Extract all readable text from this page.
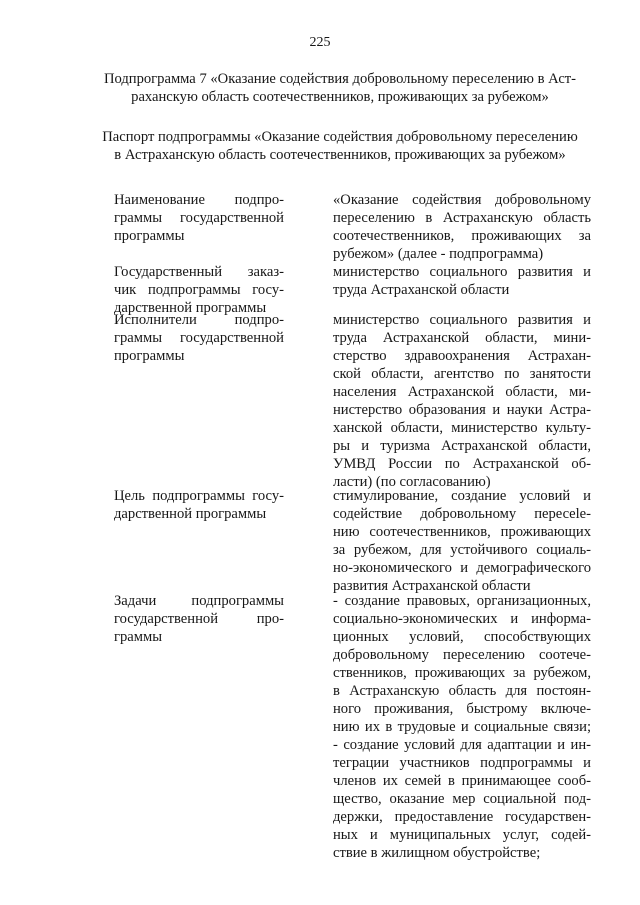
225
Подпрограмма 7 «Оказание содействия добровольному переселению в Аст-
раханскую область соотечественников, проживающих за рубежом»
Паспорт подпрограммы «Оказание содействия добровольному переселению
в Астраханскую область соотечественников, проживающих за рубежом»
Наименование подпро-
граммы государственной
программы
«Оказание содействия добровольному
переселению в Астраханскую область
соотечественников, проживающих за
рубежом» (далее - подпрограмма)
Государственный заказ-
чик подпрограммы госу-
дарственной программы
министерство социального развития и
труда Астраханской области
Исполнители подпро-
граммы государственной
программы
министерство социального развития и
труда Астраханской области, мини-
стерство здравоохранения Астрахан-
ской области, агентство по занятости
населения Астраханской области, ми-
нистерство образования и науки Астра-
ханской области, министерство культу-
ры и туризма Астраханской области,
УМВД России по Астраханской об-
ласти) (по согласованию)
Цель подпрограммы госу-
дарственной программы
стимулирование, создание условий и
содействие добровольному пересele-
нию соотечественников, проживающих
за рубежом, для устойчивого социаль-
но-экономического и демографического
развития Астраханской области
Задачи подпрограммы
государственной про-
граммы
- создание правовых, организационных,
социально-экономических и информа-
ционных условий, способствующих
добровольному переселению соотече-
ственников, проживающих за рубежом,
в Астраханскую область для постоян-
ного проживания, быстрому включе-
нию их в трудовые и социальные связи;
- создание условий для адаптации и ин-
теграции участников подпрограммы и
членов их семей в принимающее сооб-
щество, оказание мер социальной под-
держки, предоставление государствен-
ных и муниципальных услуг, содей-
ствие в жилищном обустройстве;
